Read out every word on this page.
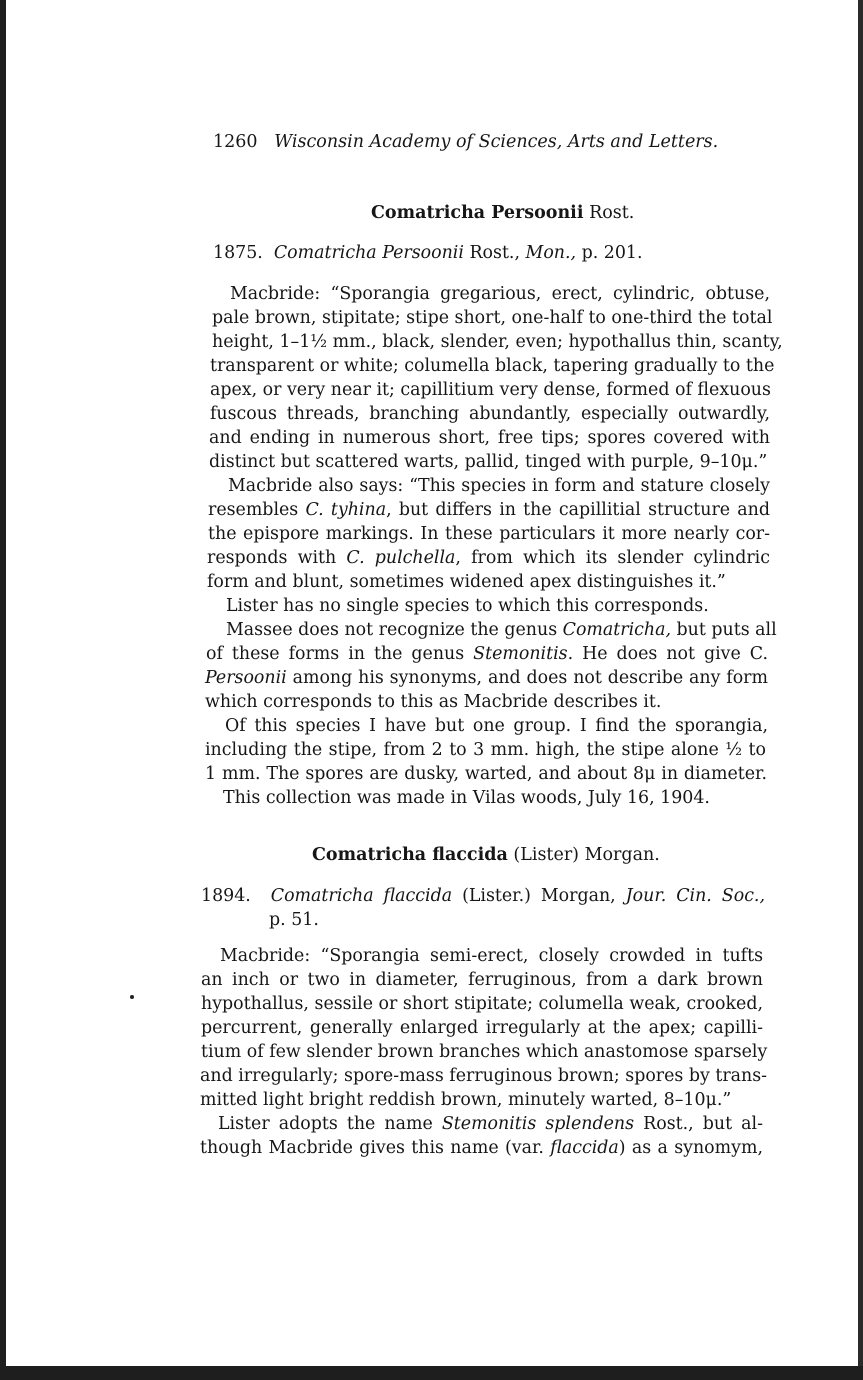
1260 Wisconsin Academy of Sciences, Arts and Letters.
Comatricha Persoonii Rost.
1875. Comatricha Persoonii Rost., Mon., p. 201.
Macbride: “Sporangia gregarious, erect, cylindric, obtuse,
pale brown, stipitate; stipe short, one-half to one-third the total
height, 1–1½ mm., black, slender, even; hypothallus thin, scanty,
transparent or white; columella black, tapering gradually to the
apex, or very near it; capillitium very dense, formed of flexuous
fuscous threads, branching abundantly, especially outwardly,
and ending in numerous short, free tips; spores covered with
distinct but scattered warts, pallid, tinged with purple, 9–10μ.”
Macbride also says: “This species in form and stature closely
resembles C. tyhina, but differs in the capillitial structure and
the epispore markings. In these particulars it more nearly cor-
responds with C. pulchella, from which its slender cylindric
form and blunt, sometimes widened apex distinguishes it.”
Lister has no single species to which this corresponds.
Massee does not recognize the genus Comatricha, but puts all
of these forms in the genus Stemonitis. He does not give C.
Persoonii among his synonyms, and does not describe any form
which corresponds to this as Macbride describes it.
Of this species I have but one group. I find the sporangia,
including the stipe, from 2 to 3 mm. high, the stipe alone ½ to
1 mm. The spores are dusky, warted, and about 8μ in diameter.
This collection was made in Vilas woods, July 16, 1904.
Comatricha flaccida (Lister) Morgan.
1894. Comatricha flaccida (Lister.) Morgan, Jour. Cin. Soc.,
p. 51.
Macbride: “Sporangia semi-erect, closely crowded in tufts
an inch or two in diameter, ferruginous, from a dark brown
hypothallus, sessile or short stipitate; columella weak, crooked,
percurrent, generally enlarged irregularly at the apex; capilli-
tium of few slender brown branches which anastomose sparsely
and irregularly; spore-mass ferruginous brown; spores by trans-
mitted light bright reddish brown, minutely warted, 8–10μ.”
Lister adopts the name Stemonitis splendens Rost., but al-
though Macbride gives this name (var. flaccida) as a synomym,
